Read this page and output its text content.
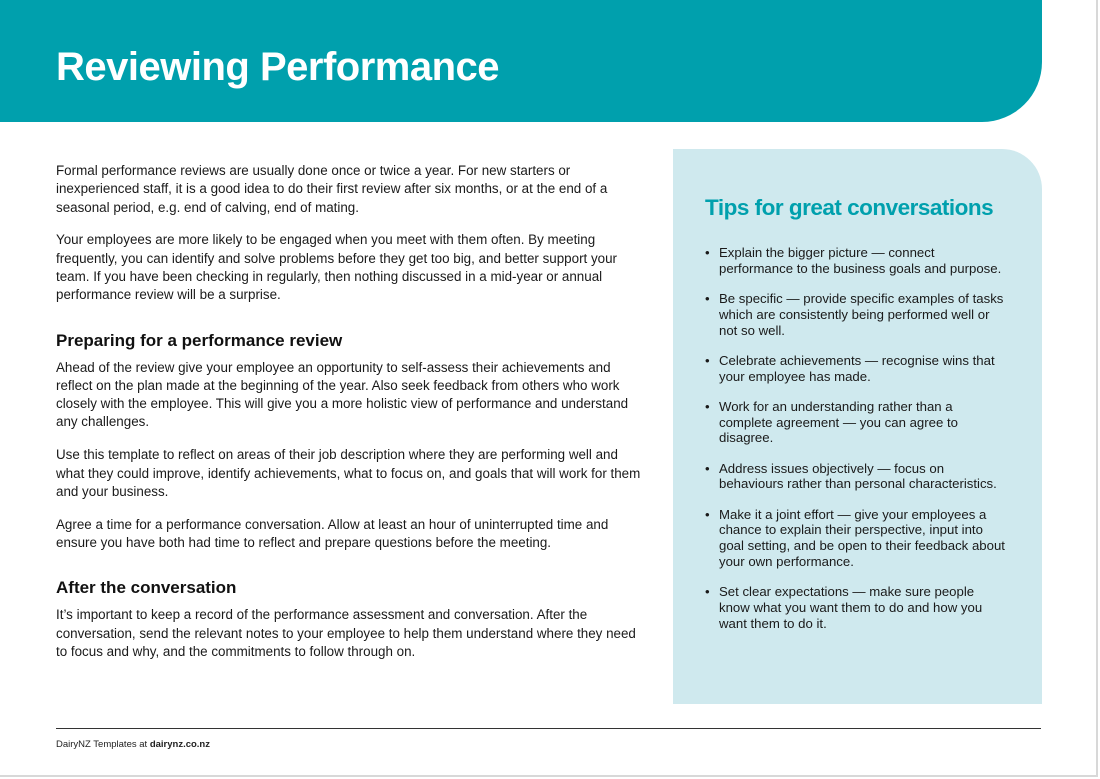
Reviewing Performance

Formal performance reviews are usually done once or twice a year. For new starters or inexperienced staff, it is a good idea to do their first review after six months, or at the end of a seasonal period, e.g. end of calving, end of mating.

Your employees are more likely to be engaged when you meet with them often. By meeting frequently, you can identify and solve problems before they get too big, and better support your team. If you have been checking in regularly, then nothing discussed in a mid-year or annual performance review will be a surprise.

Preparing for a performance review

Ahead of the review give your employee an opportunity to self-assess their achievements and reflect on the plan made at the beginning of the year. Also seek feedback from others who work closely with the employee. This will give you a more holistic view of performance and understand any challenges.

Use this template to reflect on areas of their job description where they are performing well and what they could improve, identify achievements, what to focus on, and goals that will work for them and your business.

Agree a time for a performance conversation. Allow at least an hour of uninterrupted time and ensure you have both had time to reflect and prepare questions before the meeting.

After the conversation

It’s important to keep a record of the performance assessment and conversation. After the conversation, send the relevant notes to your employee to help them understand where they need to focus and why, and the commitments to follow through on.

Tips for great conversations
• Explain the bigger picture — connect performance to the business goals and purpose.
• Be specific — provide specific examples of tasks which are consistently being performed well or not so well.
• Celebrate achievements — recognise wins that your employee has made.
• Work for an understanding rather than a complete agreement — you can agree to disagree.
• Address issues objectively — focus on behaviours rather than personal characteristics.
• Make it a joint effort — give your employees a chance to explain their perspective, input into goal setting, and be open to their feedback about your own performance.
• Set clear expectations — make sure people know what you want them to do and how you want them to do it.
DairyNZ Templates at dairynz.co.nz
